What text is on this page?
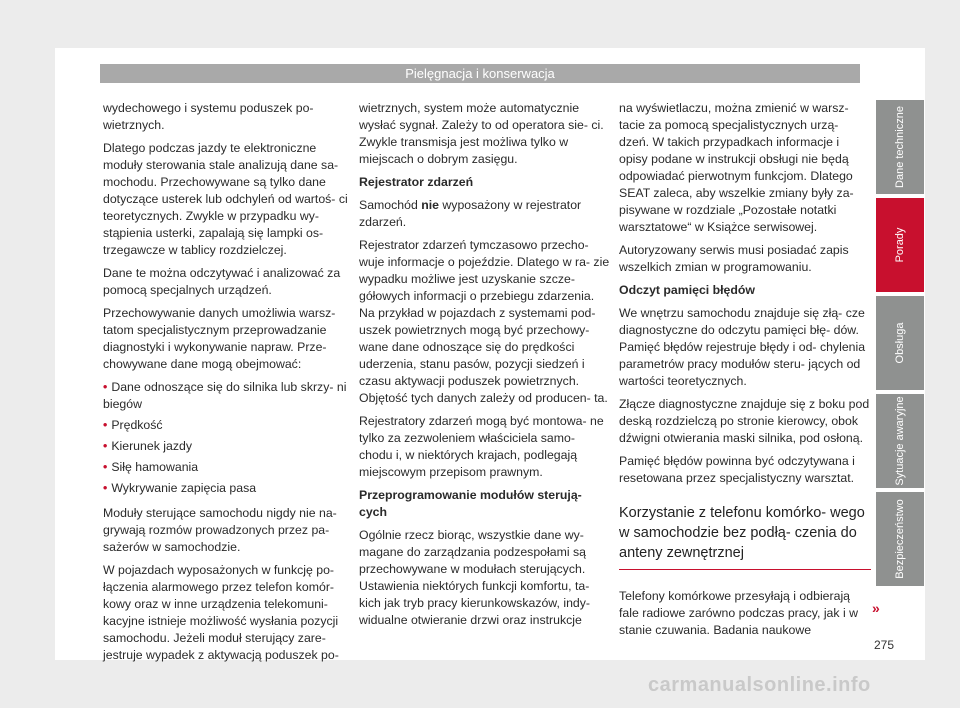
Pielęgnacja i konserwacja

wydechowego i systemu poduszek po- wietrznych.

Dlatego podczas jazdy te elektroniczne moduły sterowania stale analizują dane sa- mochodu. Przechowywane są tylko dane dotyczące usterek lub odchyleń od wartoś- ci teoretycznych. Zwykle w przypadku wy- stąpienia usterki, zapalają się lampki os- trzegawcze w tablicy rozdzielczej.

Dane te można odczytywać i analizować za pomocą specjalnych urządzeń.

Przechowywanie danych umożliwia warsz- tatom specjalistycznym przeprowadzanie diagnostyki i wykonywanie napraw. Prze- chowywane dane mogą obejmować:

• Dane odnoszące się do silnika lub skrzy- ni biegów
• Prędkość
• Kierunek jazdy
• Siłę hamowania
• Wykrywanie zapięcia pasa

Moduły sterujące samochodu nigdy nie na- grywają rozmów prowadzonych przez pa- sażerów w samochodzie.

W pojazdach wyposażonych w funkcję po- łączenia alarmowego przez telefon komór- kowy oraz w inne urządzenia telekomuni- kacyjne istnieje możliwość wysłania pozycji samochodu. Jeżeli moduł sterujący zare- jestruje wypadek z aktywacją poduszek po-

wietrznych, system może automatycznie wysłać sygnał. Zależy to od operatora sie- ci. Zwykle transmisja jest możliwa tylko w miejscach o dobrym zasięgu.

Rejestrator zdarzeń

Samochód nie wyposażony w rejestrator zdarzeń.

Rejestrator zdarzeń tymczasowo przecho- wuje informacje o pojeździe. Dlatego w ra- zie wypadku możliwe jest uzyskanie szcze- gółowych informacji o przebiegu zdarzenia. Na przykład w pojazdach z systemami pod- uszek powietrznych mogą być przechowy- wane dane odnoszące się do prędkości uderzenia, stanu pasów, pozycji siedzeń i czasu aktywacji poduszek powietrznych. Objętość tych danych zależy od producen- ta.

Rejestratory zdarzeń mogą być montowa- ne tylko za zezwoleniem właściciela samo- chodu i, w niektórych krajach, podlegają miejscowym przepisom prawnym.

Przeprogramowanie modułów sterują- cych

Ogólnie rzecz biorąc, wszystkie dane wy- magane do zarządzania podzespołami są przechowywane w modułach sterujących. Ustawienia niektórych funkcji komfortu, ta- kich jak tryb pracy kierunkowskazów, indy- widualne otwieranie drzwi oraz instrukcje

na wyświetlaczu, można zmienić w warsz- tacie za pomocą specjalistycznych urzą- dzeń. W takich przypadkach informacje i opisy podane w instrukcji obsługi nie będą odpowiadać pierwotnym funkcjom. Dlatego SEAT zaleca, aby wszelkie zmiany były za- pisywane w rozdziale „Pozostałe notatki warsztatowe“ w Książce serwisowej.

Autoryzowany serwis musi posiadać zapis wszelkich zmian w programowaniu.

Odczyt pamięci błędów

We wnętrzu samochodu znajduje się złą- cze diagnostyczne do odczytu pamięci błę- dów. Pamięć błędów rejestruje błędy i od- chylenia parametrów pracy modułów steru- jących od wartości teoretycznych.

Złącze diagnostyczne znajduje się z boku pod deską rozdzielczą po stronie kierowcy, obok dźwigni otwierania maski silnika, pod osłoną.

Pamięć błędów powinna być odczytywana i resetowana przez specjalistyczny warsztat.

Korzystanie z telefonu komórko- wego w samochodzie bez podłą- czenia do anteny zewnętrznej

Telefony komórkowe przesyłają i odbierają fale radiowe zarówno podczas pracy, jak i w stanie czuwania. Badania naukowe

Dane techniczne
Porady
Obsługa
Sytuacje awaryjne
Bezpieczeństwo
»
275
carmanualsonline.info
